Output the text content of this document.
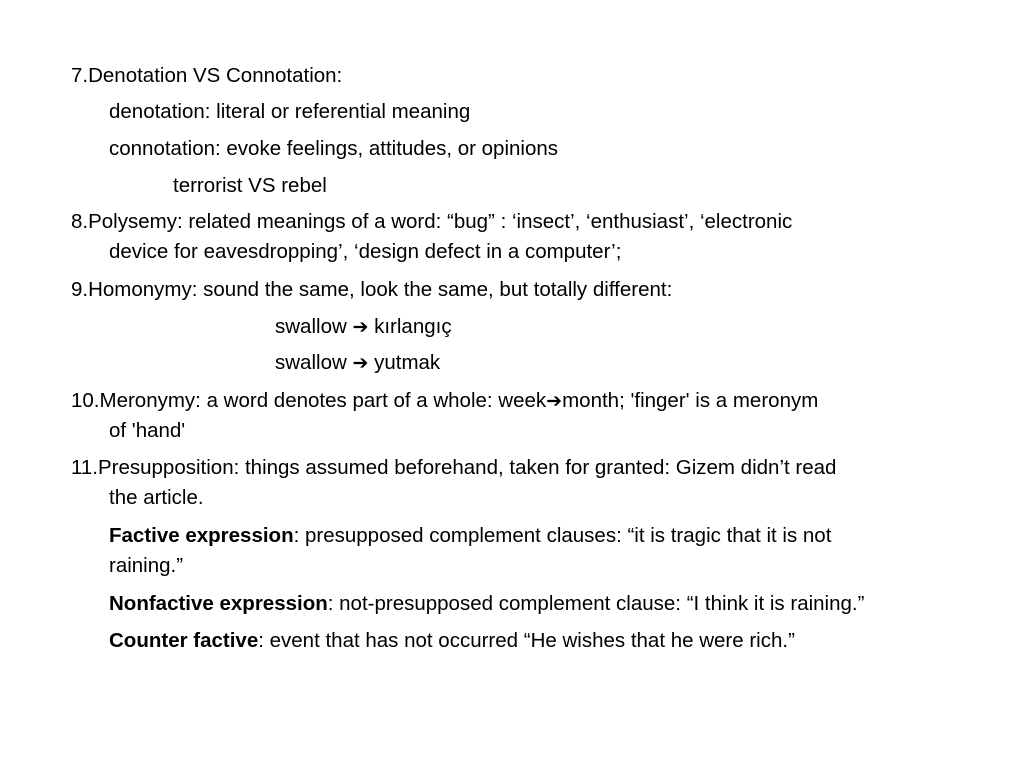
7.Denotation VS Connotation:
denotation: literal or referential meaning
connotation: evoke feelings, attitudes, or opinions
terrorist VS rebel
8.Polysemy: related meanings of a word: “bug” : ‘insect’, ‘enthusiast’, ‘electronic
device for eavesdropping’, ‘design defect in a computer’;
9.Homonymy: sound the same, look the same, but totally different:
swallow ➔ kırlangıç
swallow ➔ yutmak
10.Meronymy: a word denotes part of a whole: week➔month; 'finger' is a meronym
of 'hand'
11.Presupposition: things assumed beforehand, taken for granted: Gizem didn’t read
the article.
Factive expression: presupposed complement clauses: “it is tragic that it is not
raining.”
Nonfactive expression: not-presupposed complement clause: “I think it is raining.”
Counter factive: event that has not occurred “He wishes that he were rich.”
